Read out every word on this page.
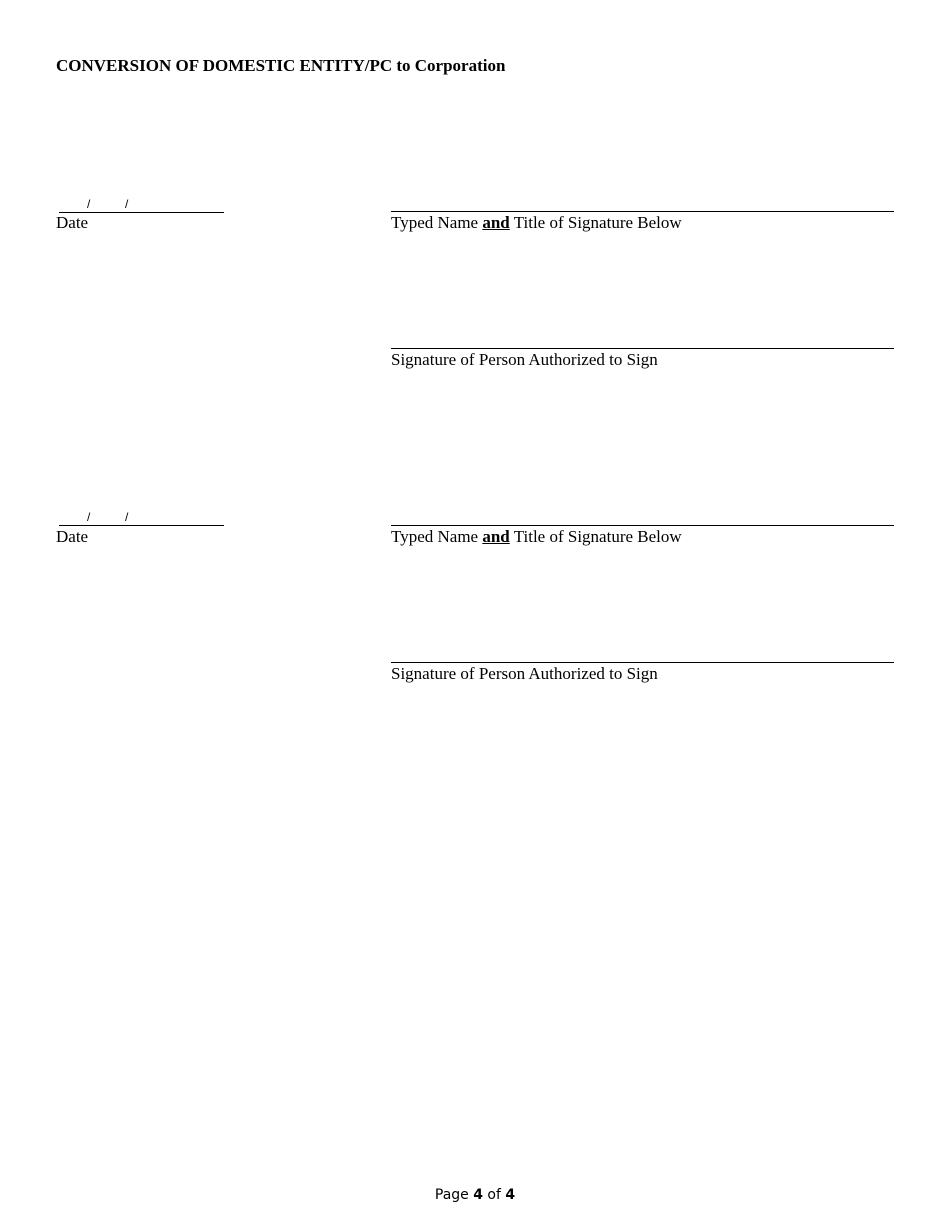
CONVERSION OF DOMESTIC ENTITY/PC to Corporation
/	/
Date	Typed Name and Title of Signature Below
Signature of Person Authorized to Sign
/	/
Date	Typed Name and Title of Signature Below
Signature of Person Authorized to Sign
Page 4 of 4
